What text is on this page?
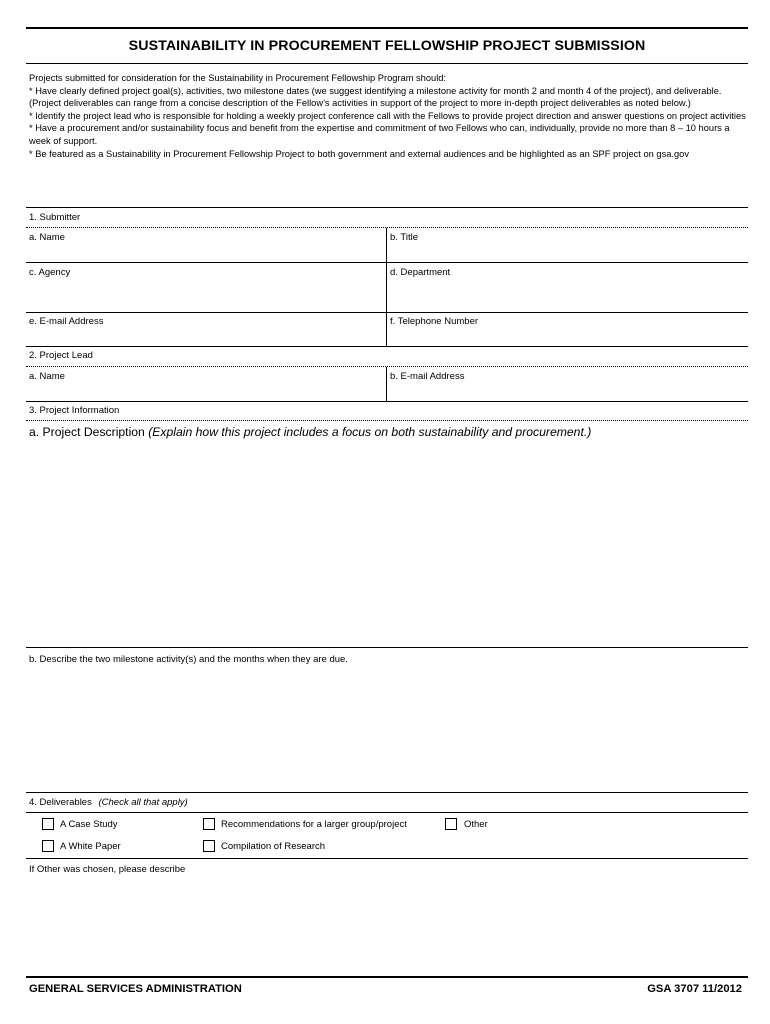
SUSTAINABILITY IN PROCUREMENT FELLOWSHIP PROJECT SUBMISSION

Projects submitted for consideration for the Sustainability in Procurement Fellowship Program should:

* Have clearly defined project goal(s), activities, two milestone dates (we suggest identifying a milestone activity for month 2 and month 4 of the project), and deliverable. (Project deliverables can range from a concise description of the Fellow’s activities in support of the project to more in-depth project deliverables as noted below.)

* Identify the project lead who is responsible for holding a weekly project conference call with the Fellows to provide project direction and answer questions on project activities

* Have a procurement and/or sustainability focus and benefit from the expertise and commitment of two Fellows who can, individually, provide no more than 8 – 10 hours a week of support.

* Be featured as a Sustainability in Procurement Fellowship Project to both government and external audiences and be highlighted as an SPF project on gsa.gov

1. Submitter
a. Name	b. Title
c. Agency	d. Department
e. E-mail Address	f. Telephone Number
2. Project Lead
a. Name	b. E-mail Address
3. Project Information
a. Project Description (Explain how this project includes a focus on both sustainability and procurement.)
b. Describe the two milestone activity(s) and the months when they are due.
4. Deliverables (Check all that apply)
A Case Study	Recommendations for a larger group/project	Other
A White Paper	Compilation of Research
If Other was chosen, please describe
GENERAL SERVICES ADMINISTRATION	GSA 3707 11/2012
